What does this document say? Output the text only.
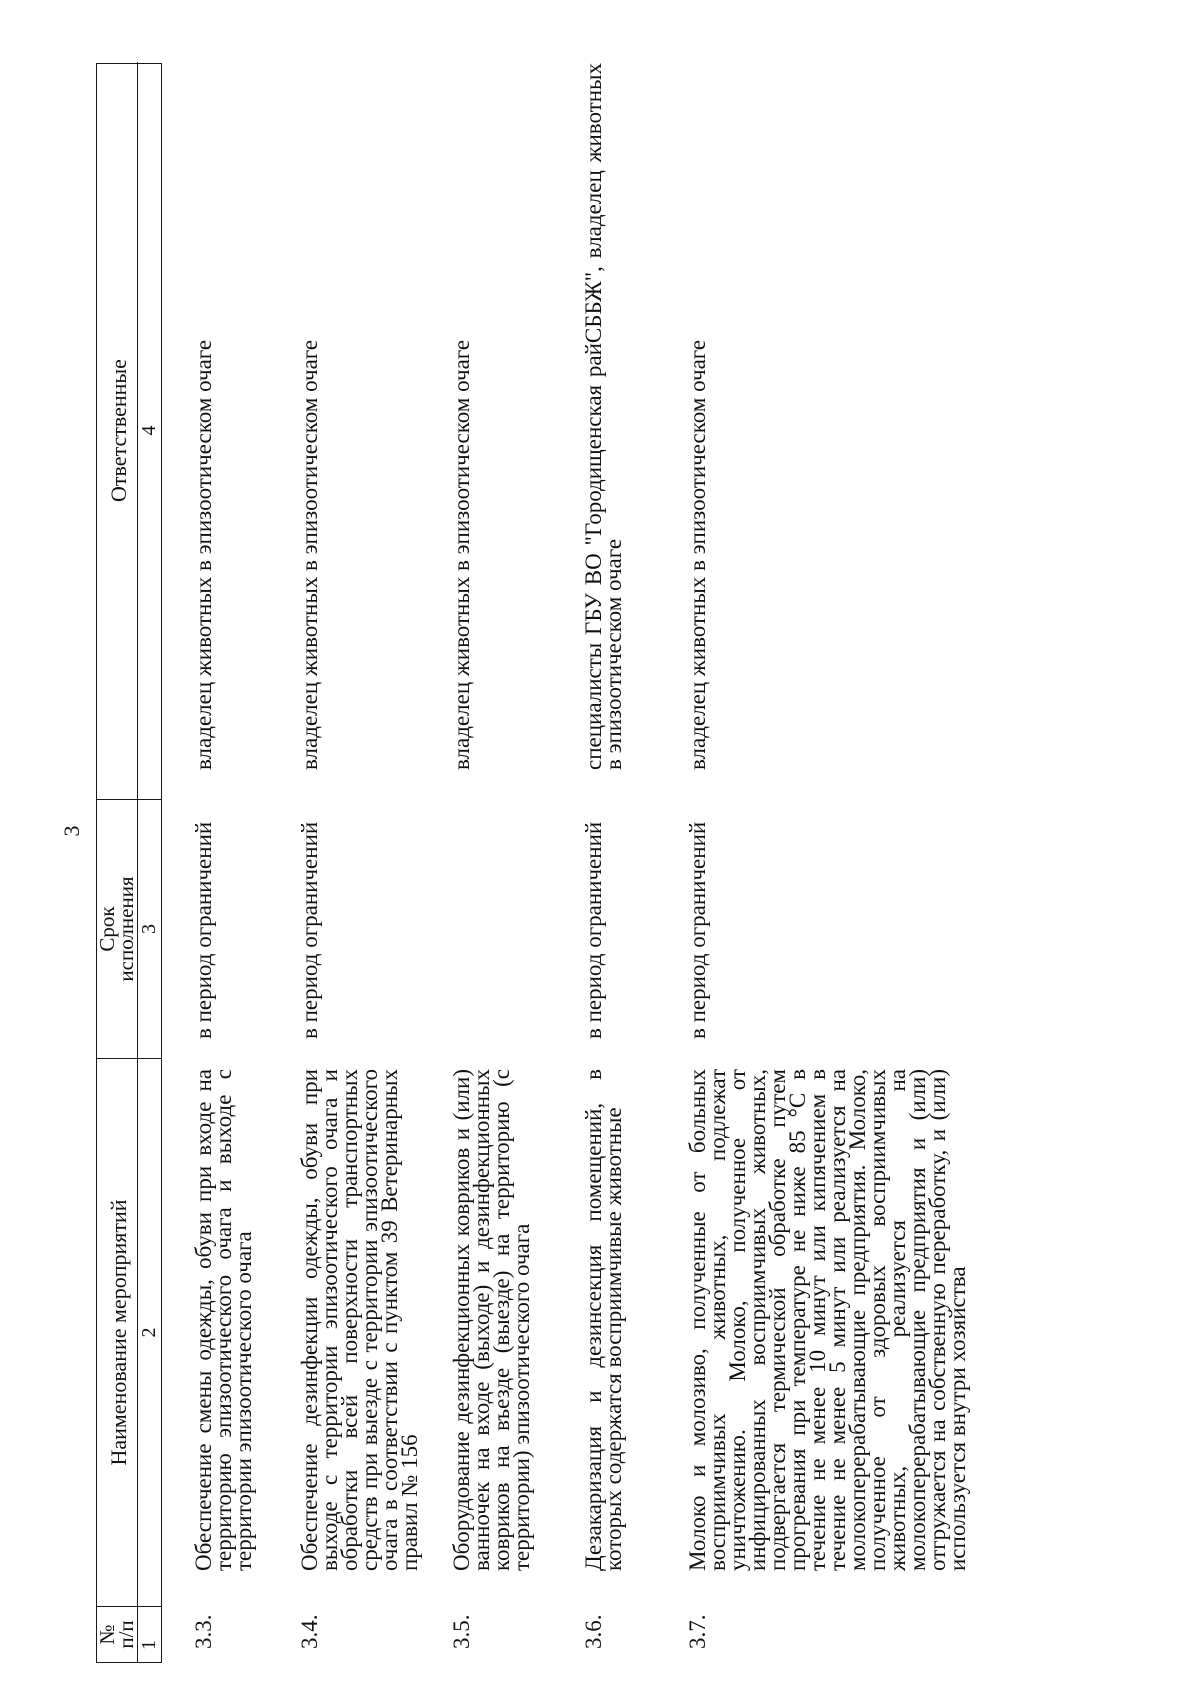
3
№
п/п
Наименование мероприятий
Срок
исполнения
Ответственные
1
2
3
4
3.3.
Обеспечение смены одежды, обуви при входе на территорию эпизоотического очага и выходе с территории эпизоотического очага
в период ограничений
владелец животных в эпизоотическом очаге
3.4.
Обеспечение дезинфекции одежды, обуви при выходе с территории эпизоотического очага и обработки всей поверхности транспортных средств при выезде с территории эпизоотического очага в соответствии с пунктом 39 Ветеринарных правил № 156
в период ограничений
владелец животных в эпизоотическом очаге
3.5.
Оборудование дезинфекционных ковриков и (или) ванночек на входе (выходе) и дезинфекционных ковриков на въезде (выезде) на территорию (с территории) эпизоотического очага
владелец животных в эпизоотическом очаге
3.6.
Дезакаризация и дезинсекция помещений, в которых содержатся восприимчивые животные
в период ограничений
специалисты ГБУ ВО "Городищенская райСББЖ", владелец животных в эпизоотическом очаге
3.7.
Молоко и молозиво, полученные от больных восприимчивых животных, подлежат уничтожению. Молоко, полученное от инфицированных восприимчивых животных, подвергается термической обработке путем прогревания при температуре не ниже 85 °С в течение не менее 10 минут или кипячением в течение не менее 5 минут или реализуется на молокоперерабатывающие предприятия. Молоко, полученное от здоровых восприимчивых животных, реализуется на молокоперерабатывающие предприятия и (или) отгружается на собственную переработку, и (или) используется внутри хозяйства
в период ограничений
владелец животных в эпизоотическом очаге
